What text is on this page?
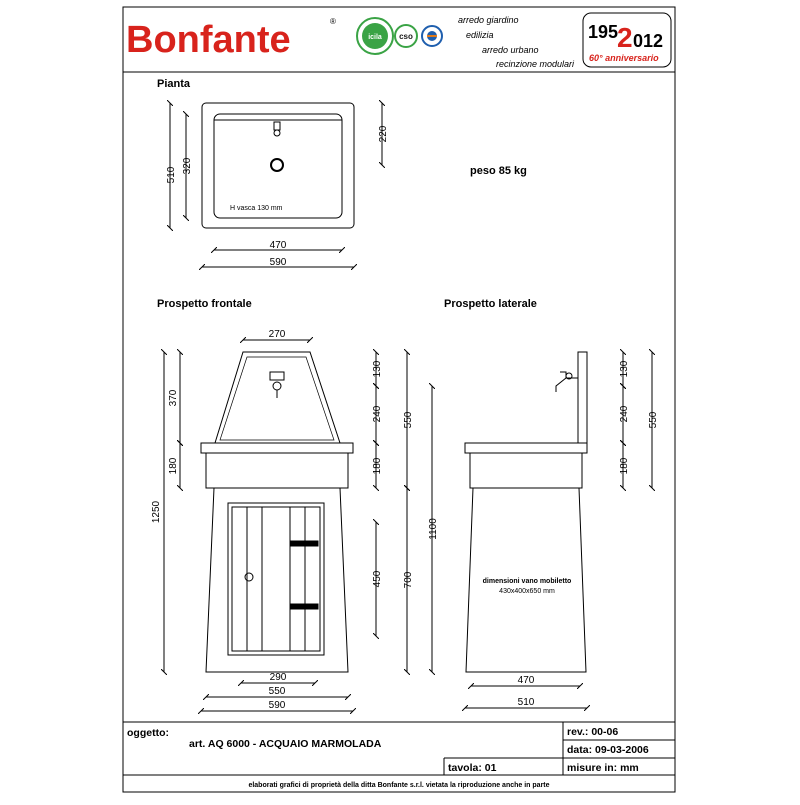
Bonfante	®
icila cso
arredo giardino
edilizia
arredo urbano
recinzione modulari
195
2 012
60° anniversario
Pianta
H vasca 130 mm
510
320
220
470
590
peso 85 kg
Prospetto frontale
270
1250
370
180
130
240
180
450
550
700
1100
290
550
590
Prospetto laterale
130
240
180
550
470
510
dimensioni vano mobiletto
430x400x650 mm
oggetto:
art. AQ 6000 - ACQUAIO MARMOLADA
rev.: 00-06
data: 09-03-2006
tavola: 01	misure in: mm
elaborati grafici di proprietà della ditta Bonfante s.r.l. vietata la riproduzione anche in parte
